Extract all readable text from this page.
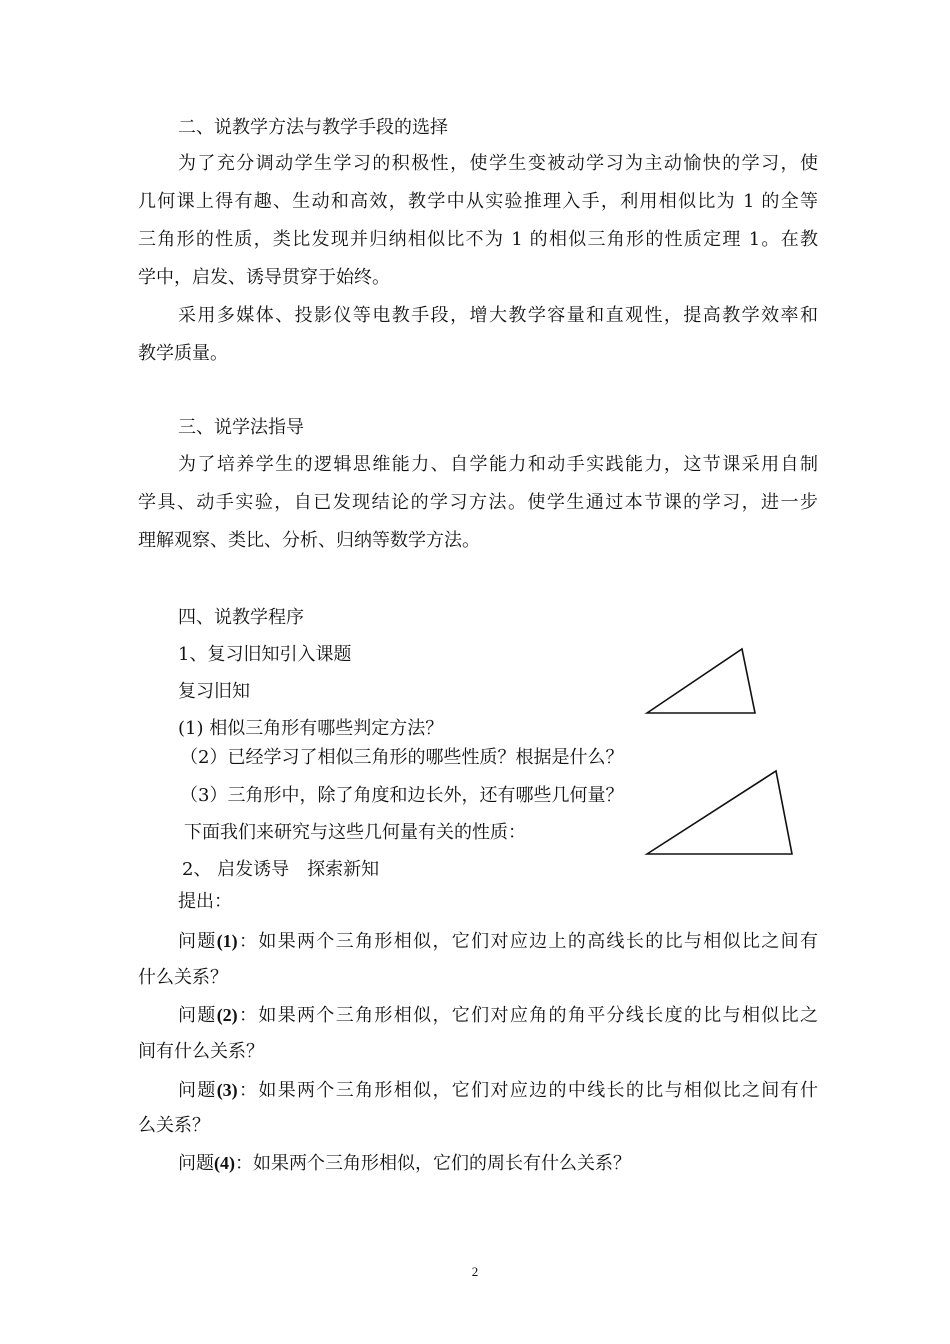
二、说教学方法与教学手段的选择
为了充分调动学生学习的积极性，使学生变被动学习为主动愉快的学习，使
几何课上得有趣、生动和高效，教学中从实验推理入手，利用相似比为 1 的全等
三角形的性质，类比发现并归纳相似比不为 1 的相似三角形的性质定理 1。在教
学中，启发、诱导贯穿于始终。
采用多媒体、投影仪等电教手段，增大教学容量和直观性，提高教学效率和
教学质量。
三、说学法指导
为了培养学生的逻辑思维能力、自学能力和动手实践能力，这节课采用自制
学具、动手实验，自已发现结论的学习方法。使学生通过本节课的学习，进一步
理解观察、类比、分析、归纳等数学方法。
四、说教学程序
1、复习旧知引入课题
复习旧知
(1) 相似三角形有哪些判定方法？
（2）已经学习了相似三角形的哪些性质？根据是什么？
（3）三角形中，除了角度和边长外，还有哪些几何量？
下面我们来研究与这些几何量有关的性质：
2、 启发诱导　探索新知
提出：
问题(1)：如果两个三角形相似，它们对应边上的高线长的比与相似比之间有
什么关系？
问题(2)：如果两个三角形相似，它们对应角的角平分线长度的比与相似比之
间有什么关系？
问题(3)：如果两个三角形相似，它们对应边的中线长的比与相似比之间有什
么关系？
问题(4)：如果两个三角形相似，它们的周长有什么关系？
2
